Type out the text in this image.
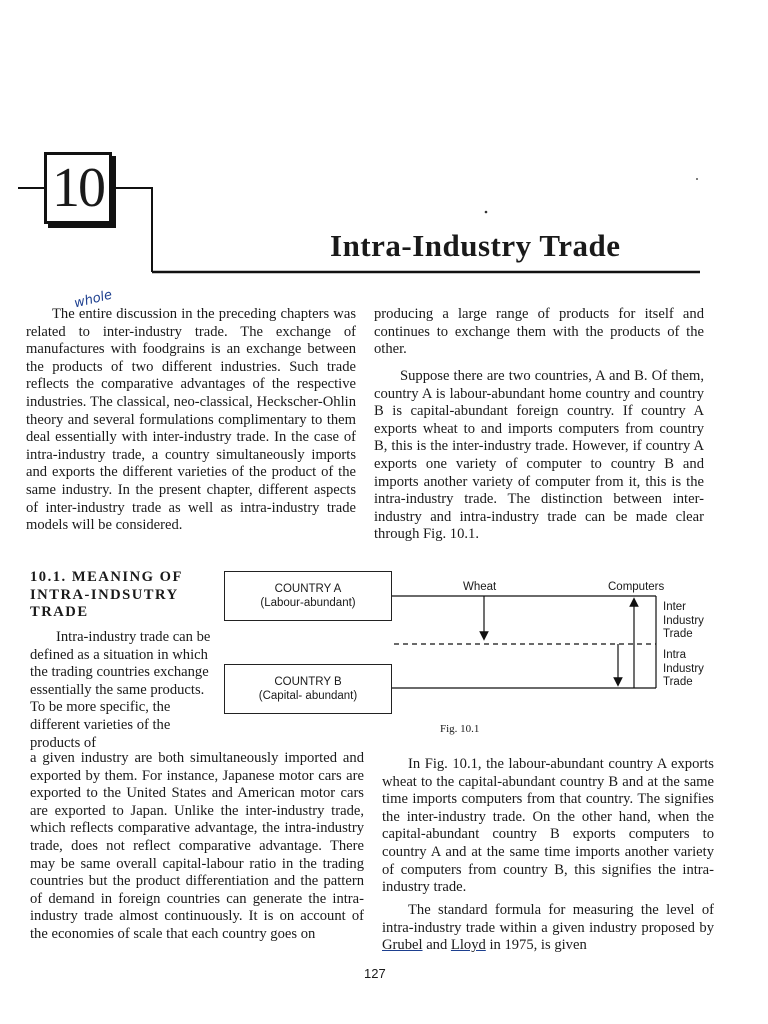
10
Intra-Industry Trade
whole

The entire discussion in the preceding chapters was related to inter-industry trade. The exchange of manufactures with foodgrains is an exchange between the products of two different industries. Such trade reflects the comparative advantages of the respective industries. The classical, neo-classical, Heckscher-Ohlin theory and several formulations complimentary to them deal essentially with inter-industry trade. In the case of intra-industry trade, a country simultaneously imports and exports the different varieties of the product of the same industry. In the present chapter, different aspects of inter-industry trade as well as intra-industry trade models will be considered.

producing a large range of products for itself and continues to exchange them with the products of the other.

Suppose there are two countries, A and B. Of them, country A is labour-abundant home country and country B is capital-abundant foreign country. If country A exports wheat to and imports computers from country B, this is the inter-industry trade. However, if country A exports one variety of computer to country B and imports another variety of computer from it, this is the intra-industry trade. The distinction between inter-industry and intra-industry trade can be made clear through Fig. 10.1.

10.1. MEANING OF INTRA-INDSUTRY TRADE

Intra-industry trade can be defined as a situation in which the trading countries exchange essentially the same products. To be more specific, the different varieties of the products of

a given industry are both simultaneously imported and exported by them. For instance, Japanese motor cars are exported to the United States and American motor cars are exported to Japan. Unlike the inter-industry trade, which reflects comparative advantage, the intra-industry trade, does not reflect comparative advantage. There may be same overall capital-labour ratio in the trading countries but the product differentiation and the pattern of demand in foreign countries can generate the intra-industry trade almost continuously. It is on account of the economies of scale that each country goes on

COUNTRY A
(Labour-abundant)
COUNTRY B
(Capital- abundant)
Wheat	Computers
Inter
Industry
Trade
Intra
Industry
Trade
Fig. 10.1

In Fig. 10.1, the labour-abundant country A exports wheat to the capital-abundant country B and at the same time imports computers from that country. The signifies the inter-industry trade. On the other hand, when the capital-abundant country B exports computers to country A and at the same time imports another variety of computers from country B, this signifies the intra-industry trade.

The standard formula for measuring the level of intra-industry trade within a given industry proposed by Grubel and Lloyd in 1975, is given

127
